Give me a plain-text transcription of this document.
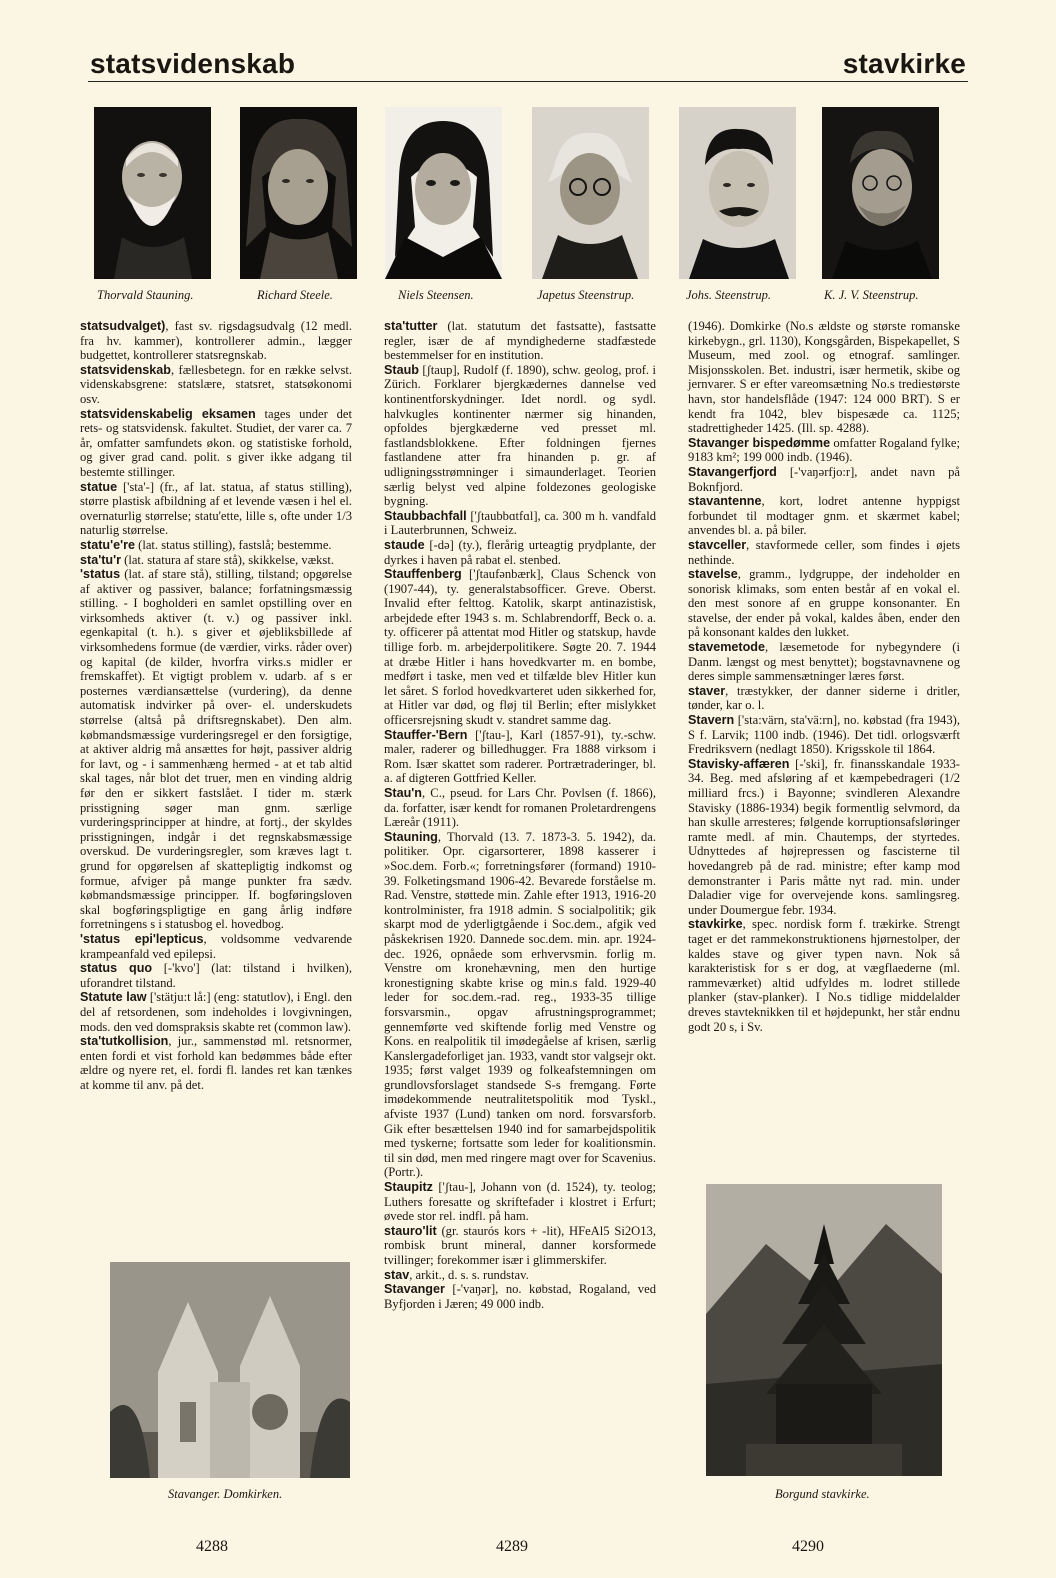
statsvidenskab	stavkirke
Thorvald Stauning.	Richard Steele.	Niels Steensen.	Japetus Steenstrup.	Johs. Steenstrup.	K. J. V. Steenstrup.

statsudvalget), fast sv. rigsdagsudvalg (12 medl. fra hv. kammer), kontrollerer admin., lægger budgettet, kontrollerer statsregnskab.

statsvidenskab, fællesbetegn. for en række selvst. videnskabsgrene: statslære, statsret, statsøkonomi osv.

statsvidenskabelig eksamen tages under det rets- og statsvidensk. fakultet. Studiet, der varer ca. 7 år, omfatter samfundets økon. og statistiske forhold, og giver grad cand. polit. s giver ikke adgang til bestemte stillinger.

statue ['sta'-] (fr., af lat. statua, af status stilling), større plastisk afbildning af et levende væsen i hel el. overnaturlig størrelse; statu'ette, lille s, ofte under 1/3 naturlig størrelse.

statu'e're (lat. status stilling), fastslå; bestemme.

sta'tu'r (lat. statura af stare stå), skikkelse, vækst.

'status (lat. af stare stå), stilling, tilstand; opgørelse af aktiver og passiver, balance; forfatningsmæssig stilling. - I bogholderi en samlet opstilling over en virksomheds aktiver (t. v.) og passiver inkl. egenkapital (t. h.). s giver et øjebliksbillede af virksomhedens formue (de værdier, virks. råder over) og kapital (de kilder, hvorfra virks.s midler er fremskaffet). Et vigtigt problem v. udarb. af s er posternes værdiansættelse (vurdering), da denne automatisk indvirker på over- el. underskudets størrelse (altså på driftsregnskabet). Den alm. købmandsmæssige vurderingsregel er den forsigtige, at aktiver aldrig må ansættes for højt, passiver aldrig for lavt, og - i sammenhæng hermed - at et tab altid skal tages, når blot det truer, men en vinding aldrig før den er sikkert fastslået. I tider m. stærk prisstigning søger man gnm. særlige vurderingsprincipper at hindre, at fortj., der skyldes prisstigningen, indgår i det regnskabsmæssige overskud. De vurderingsregler, som kræves lagt t. grund for opgørelsen af skattepligtig indkomst og formue, afviger på mange punkter fra sædv. købmandsmæssige principper. If. bogføringsloven skal bogføringspligtige en gang årlig indføre forretningens s i statusbog el. hovedbog.

'status epi'lepticus, voldsomme vedvarende krampeanfald ved epilepsi.

status quo [-'kvo'] (lat: tilstand i hvilken), uforandret tilstand.

Statute law ['stätju:t lå:] (eng: statutlov), i Engl. den del af retsordenen, som indeholdes i lovgivningen, mods. den ved domspraksis skabte ret (common law).

sta'tutkollision, jur., sammenstød ml. retsnormer, enten fordi et vist forhold kan bedømmes både efter ældre og nyere ret, el. fordi fl. landes ret kan tænkes at komme til anv. på det.

sta'tutter (lat. statutum det fastsatte), fastsatte regler, især de af myndighederne stadfæstede bestemmelser for en institution.

Staub [ʃtaup], Rudolf (f. 1890), schw. geolog, prof. i Zürich. Forklarer bjergkædernes dannelse ved kontinentforskydninger. Idet nordl. og sydl. halvkugles kontinenter nærmer sig hinanden, opfoldes bjergkæderne ved presset ml. fastlandsblokkene. Efter foldningen fjernes fastlandene atter fra hinanden p. gr. af udligningsstrømninger i simaunderlaget. Teorien særlig belyst ved alpine foldezones geologiske bygning.

Staubbachfall ['ʃtaubbɑtfɑl], ca. 300 m h. vandfald i Lauterbrunnen, Schweiz.

staude [-də] (ty.), flerårig urteagtig prydplante, der dyrkes i haven på rabat el. stenbed.

Stauffenberg ['ʃtaufənbærk], Claus Schenck von (1907-44), ty. generalstabsofficer. Greve. Oberst. Invalid efter felttog. Katolik, skarpt antinazistisk, arbejdede efter 1943 s. m. Schlabrendorff, Beck o. a. ty. officerer på attentat mod Hitler og statskup, havde tillige forb. m. arbejderpolitikere. Søgte 20. 7. 1944 at dræbe Hitler i hans hovedkvarter m. en bombe, medført i taske, men ved et tilfælde blev Hitler kun let såret. S forlod hovedkvarteret uden sikkerhed for, at Hitler var død, og fløj til Berlin; efter mislykket officersrejsning skudt v. standret samme dag.

Stauffer-'Bern ['ʃtau-], Karl (1857-91), ty.-schw. maler, raderer og billedhugger. Fra 1888 virksom i Rom. Især skattet som raderer. Portrætraderinger, bl. a. af digteren Gottfried Keller.

Stau'n, C., pseud. for Lars Chr. Povlsen (f. 1866), da. forfatter, især kendt for romanen Proletardrengens Læreår (1911).

Stauning, Thorvald (13. 7. 1873-3. 5. 1942), da. politiker. Opr. cigarsorterer, 1898 kasserer i »Soc.dem. Forb.«; forretningsfører (formand) 1910-39. Folketingsmand 1906-42. Bevarede forståelse m. Rad. Venstre, støttede min. Zahle efter 1913, 1916-20 kontrolminister, fra 1918 admin. S socialpolitik; gik skarpt mod de yderligtgående i Soc.dem., afgik ved påskekrisen 1920. Dannede soc.dem. min. apr. 1924-dec. 1926, opnåede som erhvervsmin. forlig m. Venstre om kronehævning, men den hurtige kronestigning skabte krise og min.s fald. 1929-40 leder for soc.dem.-rad. reg., 1933-35 tillige forsvarsmin., opgav afrustningsprogrammet; gennemførte ved skiftende forlig med Venstre og Kons. en realpolitik til imødegåelse af krisen, særlig Kanslergadeforliget jan. 1933, vandt stor valgsejr okt. 1935; først valget 1939 og folkeafstemningen om grundlovsforslaget standsede S-s fremgang. Førte imødekommende neutralitetspolitik mod Tyskl., afviste 1937 (Lund) tanken om nord. forsvarsforb. Gik efter besættelsen 1940 ind for samarbejdspolitik med tyskerne; fortsatte som leder for koalitionsmin. til sin død, men med ringere magt over for Scavenius. (Portr.).

Staupitz ['ʃtau-], Johann von (d. 1524), ty. teolog; Luthers foresatte og skriftefader i klostret i Erfurt; øvede stor rel. indfl. på ham.

stauro'lit (gr. staurós kors + -lit), HFeAl5 Si2O13, rombisk brunt mineral, danner korsformede tvillinger; forekommer især i glimmerskifer.

stav, arkit., d. s. s. rundstav.

Stavanger [-'vaŋər], no. købstad, Rogaland, ved Byfjorden i Jæren; 49 000 indb.

(1946). Domkirke (No.s ældste og største romanske kirkebygn., grl. 1130), Kongsgården, Bispekapellet, S Museum, med zool. og etnograf. samlinger. Misjonsskolen. Bet. industri, især hermetik, skibe og jernvarer. S er efter vareomsætning No.s trediestørste havn, stor handelsflåde (1947: 124 000 BRT). S er kendt fra 1042, blev bispesæde ca. 1125; stadrettigheder 1425. (Ill. sp. 4288).

Stavanger bispedømme omfatter Rogaland fylke; 9183 km²; 199 000 indb. (1946).

Stavangerfjord [-'vaŋərfjo:r], andet navn på Boknfjord.

stavantenne, kort, lodret antenne hyppigst forbundet til modtager gnm. et skærmet kabel; anvendes bl. a. på biler.

stavceller, stavformede celler, som findes i øjets nethinde.

stavelse, gramm., lydgruppe, der indeholder en sonorisk klimaks, som enten består af en vokal el. den mest sonore af en gruppe konsonanter. En stavelse, der ender på vokal, kaldes åben, ender den på konsonant kaldes den lukket.

stavemetode, læsemetode for nybegyndere (i Danm. længst og mest benyttet); bogstavnavnene og deres simple sammensætninger læres først.

staver, træstykker, der danner siderne i dritler, tønder, kar o. l.

Stavern ['sta:värn, sta'vä:rn], no. købstad (fra 1943), S f. Larvik; 1100 indb. (1946). Det tidl. orlogsværft Fredriksvern (nedlagt 1850). Krigsskole til 1864.

Stavisky-affæren [-'ski], fr. finansskandale 1933-34. Beg. med afsløring af et kæmpebedrageri (1/2 milliard frcs.) i Bayonne; svindleren Alexandre Stavisky (1886-1934) begik formentlig selvmord, da han skulle arresteres; følgende korruptionsafsløringer ramte medl. af min. Chautemps, der styrtedes. Udnyttedes af højrepressen og fascisterne til hovedangreb på de rad. ministre; efter kamp mod demonstranter i Paris måtte nyt rad. min. under Daladier vige for overvejende kons. samlingsreg. under Doumergue febr. 1934.

stavkirke, spec. nordisk form f. trækirke. Strengt taget er det rammekonstruktionens hjørnestolper, der kaldes stave og giver typen navn. Nok så karakteristisk for s er dog, at vægflaederne (ml. rammeværket) altid udfyldes m. lodret stillede planker (stav-planker). I No.s tidlige middelalder dreves stavteknikken til et højdepunkt, her står endnu godt 20 s, i Sv.

Stavanger. Domkirken.	Borgund stavkirke.
4288	4289	4290
